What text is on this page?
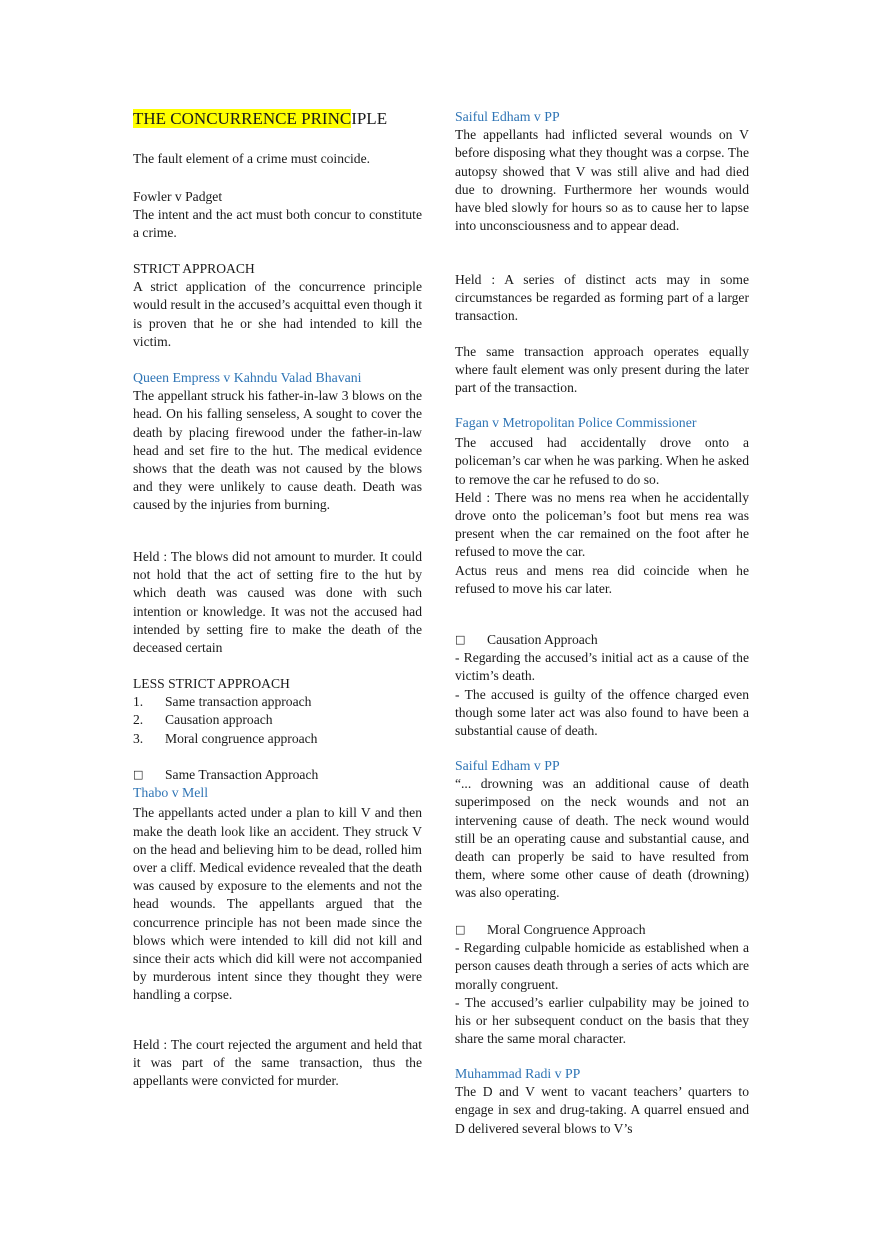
THE CONCURRENCE PRINCIPLE

The fault element of a crime must coincide.

Fowler v Padget

The intent and the act must both concur to constitute a crime.

STRICT APPROACH

A strict application of the concurrence principle would result in the accused’s acquittal even though it is proven that he or she had intended to kill the victim.

Queen Empress v Kahndu Valad Bhavani

The appellant struck his father-in-law 3 blows on the head. On his falling senseless, A sought to cover the death by placing firewood under the father-in-law head and set fire to the hut. The medical evidence shows that the death was not caused by the blows and they were unlikely to cause death. Death was caused by the injuries from burning.

Held : The blows did not amount to murder. It could not hold that the act of setting fire to the hut by which death was caused was done with such intention or knowledge. It was not the accused had intended by setting fire to make the death of the deceased certain

LESS STRICT APPROACH

1.	Same transaction approach
2.	Causation approach
3.	Moral congruence approach
□	Same Transaction Approach

Thabo v Mell

The appellants acted under a plan to kill V and then make the death look like an accident. They struck V on the head and believing him to be dead, rolled him over a cliff. Medical evidence revealed that the death was caused by exposure to the elements and not the head wounds. The appellants argued that the concurrence principle has not been made since the blows which were intended to kill did not kill and since their acts which did kill were not accompanied by murderous intent since they thought they were handling a corpse.

Held : The court rejected the argument and held that it was part of the same transaction, thus the appellants were convicted for murder.

Saiful Edham v PP

The appellants had inflicted several wounds on V before disposing what they thought was a corpse. The autopsy showed that V was still alive and had died due to drowning. Furthermore her wounds would have bled slowly for hours so as to cause her to lapse into unconsciousness and to appear dead.

Held : A series of distinct acts may in some circumstances be regarded as forming part of a larger transaction.

The same transaction approach operates equally where fault element was only present during the later part of the transaction.

Fagan v Metropolitan Police Commissioner

The accused had accidentally drove onto a policeman’s car when he was parking. When he asked to remove the car he refused to do so.

Held : There was no mens rea when he accidentally drove onto the policeman’s foot but mens rea was present when the car remained on the foot after he refused to move the car.

Actus reus and mens rea did coincide when he refused to move his car later.

□	Causation Approach

- Regarding the accused’s initial act as a cause of the victim’s death.

- The accused is guilty of the offence charged even though some later act was also found to have been a substantial cause of death.

Saiful Edham v PP

“... drowning was an additional cause of death superimposed on the neck wounds and not an intervening cause of death. The neck wound would still be an operating cause and substantial cause, and death can properly be said to have resulted from them, where some other cause of death (drowning) was also operating.

□	Moral Congruence Approach

- Regarding culpable homicide as established when a person causes death through a series of acts which are morally congruent.

- The accused’s earlier culpability may be joined to his or her subsequent conduct on the basis that they share the same moral character.

Muhammad Radi v PP

The D and V went to vacant teachers’ quarters to engage in sex and drug-taking. A quarrel ensued and D delivered several blows to V’s
